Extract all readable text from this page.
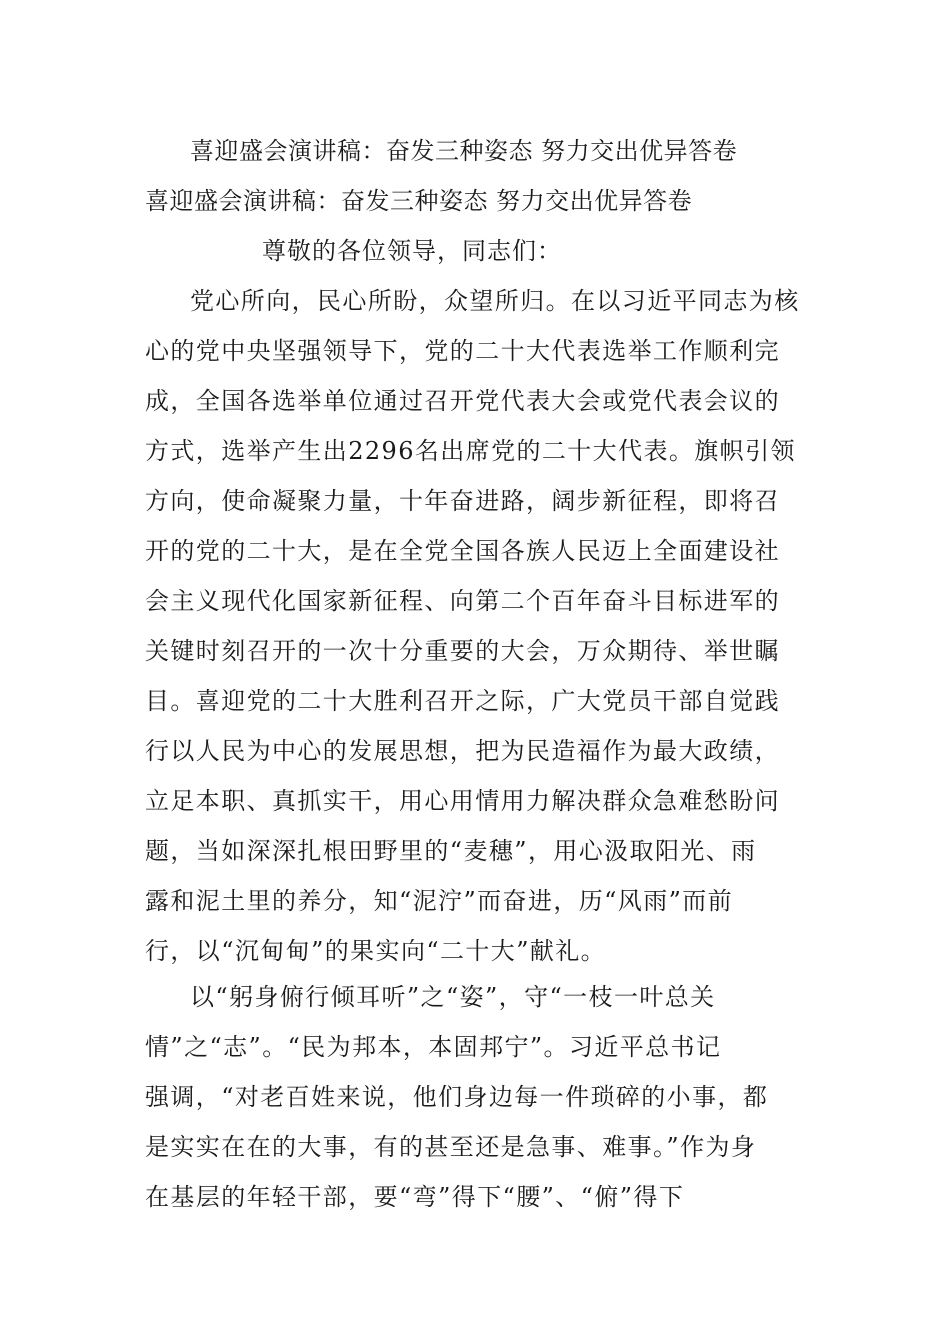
喜迎盛会演讲稿：奋发三种姿态 努力交出优异答卷
喜迎盛会演讲稿：奋发三种姿态 努力交出优异答卷
尊敬的各位领导，同志们：
党心所向，民心所盼，众望所归。在以习近平同志为核
心的党中央坚强领导下，党的二十大代表选举工作顺利完
成，全国各选举单位通过召开党代表大会或党代表会议的
方式，选举产生出2296名出席党的二十大代表。旗帜引领
方向，使命凝聚力量，十年奋进路，阔步新征程，即将召
开的党的二十大，是在全党全国各族人民迈上全面建设社
会主义现代化国家新征程、向第二个百年奋斗目标进军的
关键时刻召开的一次十分重要的大会，万众期待、举世瞩
目。喜迎党的二十大胜利召开之际，广大党员干部自觉践
行以人民为中心的发展思想，把为民造福作为最大政绩，
立足本职、真抓实干，用心用情用力解决群众急难愁盼问
题，当如深深扎根田野里的“麦穗”，用心汲取阳光、雨
露和泥土里的养分，知“泥泞”而奋进，历“风雨”而前
行，以“沉甸甸”的果实向“二十大”献礼。
以“躬身俯行倾耳听”之“姿”，守“一枝一叶总关
情”之“志”。“民为邦本，本固邦宁”。习近平总书记
强调，“对老百姓来说，他们身边每一件琐碎的小事，都
是实实在在的大事，有的甚至还是急事、难事。”作为身
在基层的年轻干部，要“弯”得下“腰”、“俯”得下
